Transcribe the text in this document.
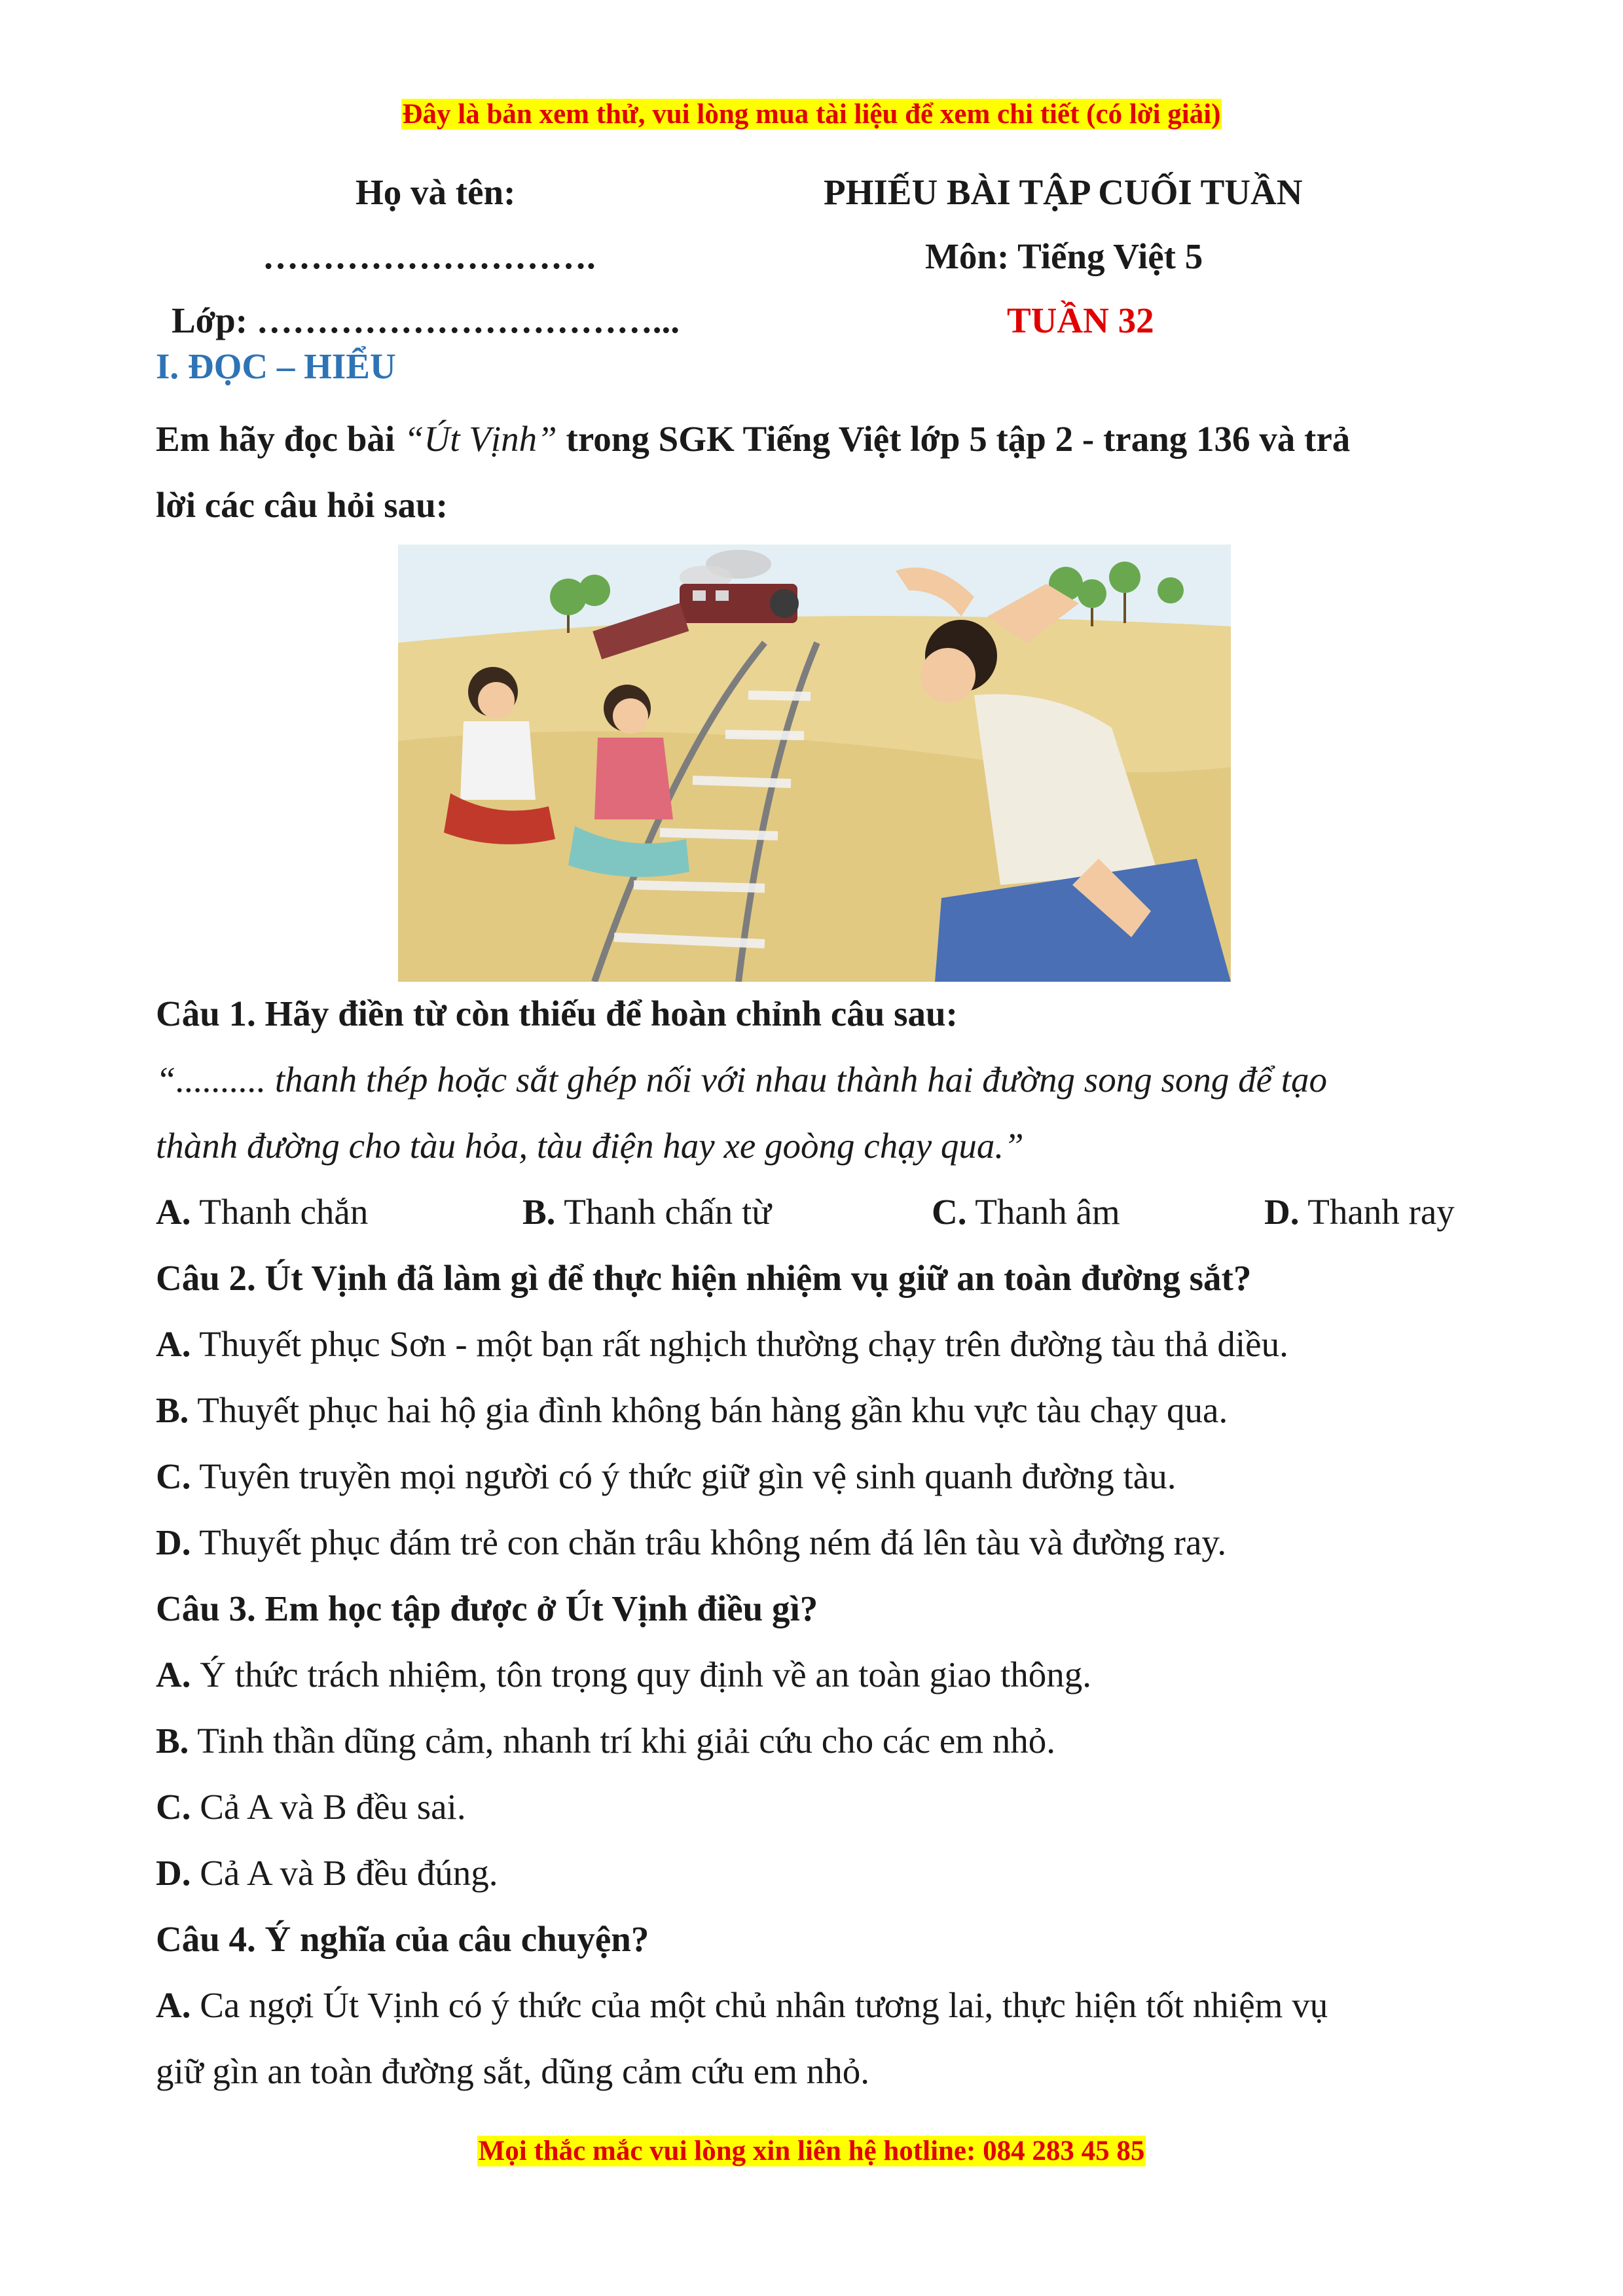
Đây là bản xem thử, vui lòng mua tài liệu để xem chi tiết (có lời giải)
Họ và tên:
……………………….
Lớp: ……………………………...
PHIẾU BÀI TẬP CUỐI TUẦN
Môn: Tiếng Việt 5
TUẦN 32
I. ĐỌC – HIỂU
Em hãy đọc bài “Út Vịnh” trong SGK Tiếng Việt lớp 5 tập 2 - trang 136 và trả
lời các câu hỏi sau:
Câu 1. Hãy điền từ còn thiếu để hoàn chỉnh câu sau:
“.......... thanh thép hoặc sắt ghép nối với nhau thành hai đường song song để tạo
thành đường cho tàu hỏa, tàu điện hay xe goòng chạy qua.”
A. Thanh chắn	B. Thanh chấn từ	C. Thanh âm	D. Thanh ray
Câu 2. Út Vịnh đã làm gì để thực hiện nhiệm vụ giữ an toàn đường sắt?
A. Thuyết phục Sơn - một bạn rất nghịch thường chạy trên đường tàu thả diều.
B. Thuyết phục hai hộ gia đình không bán hàng gần khu vực tàu chạy qua.
C. Tuyên truyền mọi người có ý thức giữ gìn vệ sinh quanh đường tàu.
D. Thuyết phục đám trẻ con chăn trâu không ném đá lên tàu và đường ray.
Câu 3. Em học tập được ở Út Vịnh điều gì?
A. Ý thức trách nhiệm, tôn trọng quy định về an toàn giao thông.
B. Tinh thần dũng cảm, nhanh trí khi giải cứu cho các em nhỏ.
C. Cả A và B đều sai.
D. Cả A và B đều đúng.
Câu 4. Ý nghĩa của câu chuyện?
A. Ca ngợi Út Vịnh có ý thức của một chủ nhân tương lai, thực hiện tốt nhiệm vụ
giữ gìn an toàn đường sắt, dũng cảm cứu em nhỏ.
Mọi thắc mắc vui lòng xin liên hệ hotline: 084 283 45 85
